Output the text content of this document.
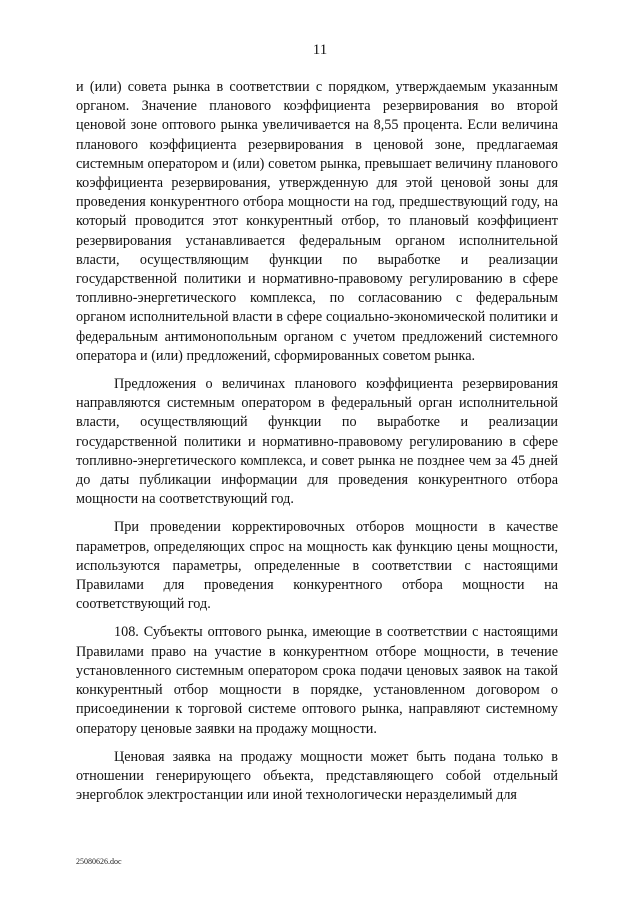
11

и (или) совета рынка в соответствии с порядком, утверждаемым указанным органом. Значение планового коэффициента резервирования во второй ценовой зоне оптового рынка увеличивается на 8,55 процента. Если величина планового коэффициента резервирования в ценовой зоне, предлагаемая системным оператором и (или) советом рынка, превышает величину планового коэффициента резервирования, утвержденную для этой ценовой зоны для проведения конкурентного отбора мощности на год, предшествующий году, на который проводится этот конкурентный отбор, то плановый коэффициент резервирования устанавливается федеральным органом исполнительной власти, осуществляющим функции по выработке и реализации государственной политики и нормативно-правовому регулированию в сфере топливно-энергетического комплекса, по согласованию с федеральным органом исполнительной власти в сфере социально-экономической политики и федеральным антимонопольным органом с учетом предложений системного оператора и (или) предложений, сформированных советом рынка.

Предложения о величинах планового коэффициента резервирования направляются системным оператором в федеральный орган исполнительной власти, осуществляющий функции по выработке и реализации государственной политики и нормативно-правовому регулированию в сфере топливно-энергетического комплекса, и совет рынка не позднее чем за 45 дней до даты публикации информации для проведения конкурентного отбора мощности на соответствующий год.

При проведении корректировочных отборов мощности в качестве параметров, определяющих спрос на мощность как функцию цены мощности, используются параметры, определенные в соответствии с настоящими Правилами для проведения конкурентного отбора мощности на соответствующий год.

108. Субъекты оптового рынка, имеющие в соответствии с настоящими Правилами право на участие в конкурентном отборе мощности, в течение установленного системным оператором срока подачи ценовых заявок на такой конкурентный отбор мощности в порядке, установленном договором о присоединении к торговой системе оптового рынка, направляют системному оператору ценовые заявки на продажу мощности.

Ценовая заявка на продажу мощности может быть подана только в отношении генерирующего объекта, представляющего собой отдельный энергоблок электростанции или иной технологически неразделимый для

25080626.doc
